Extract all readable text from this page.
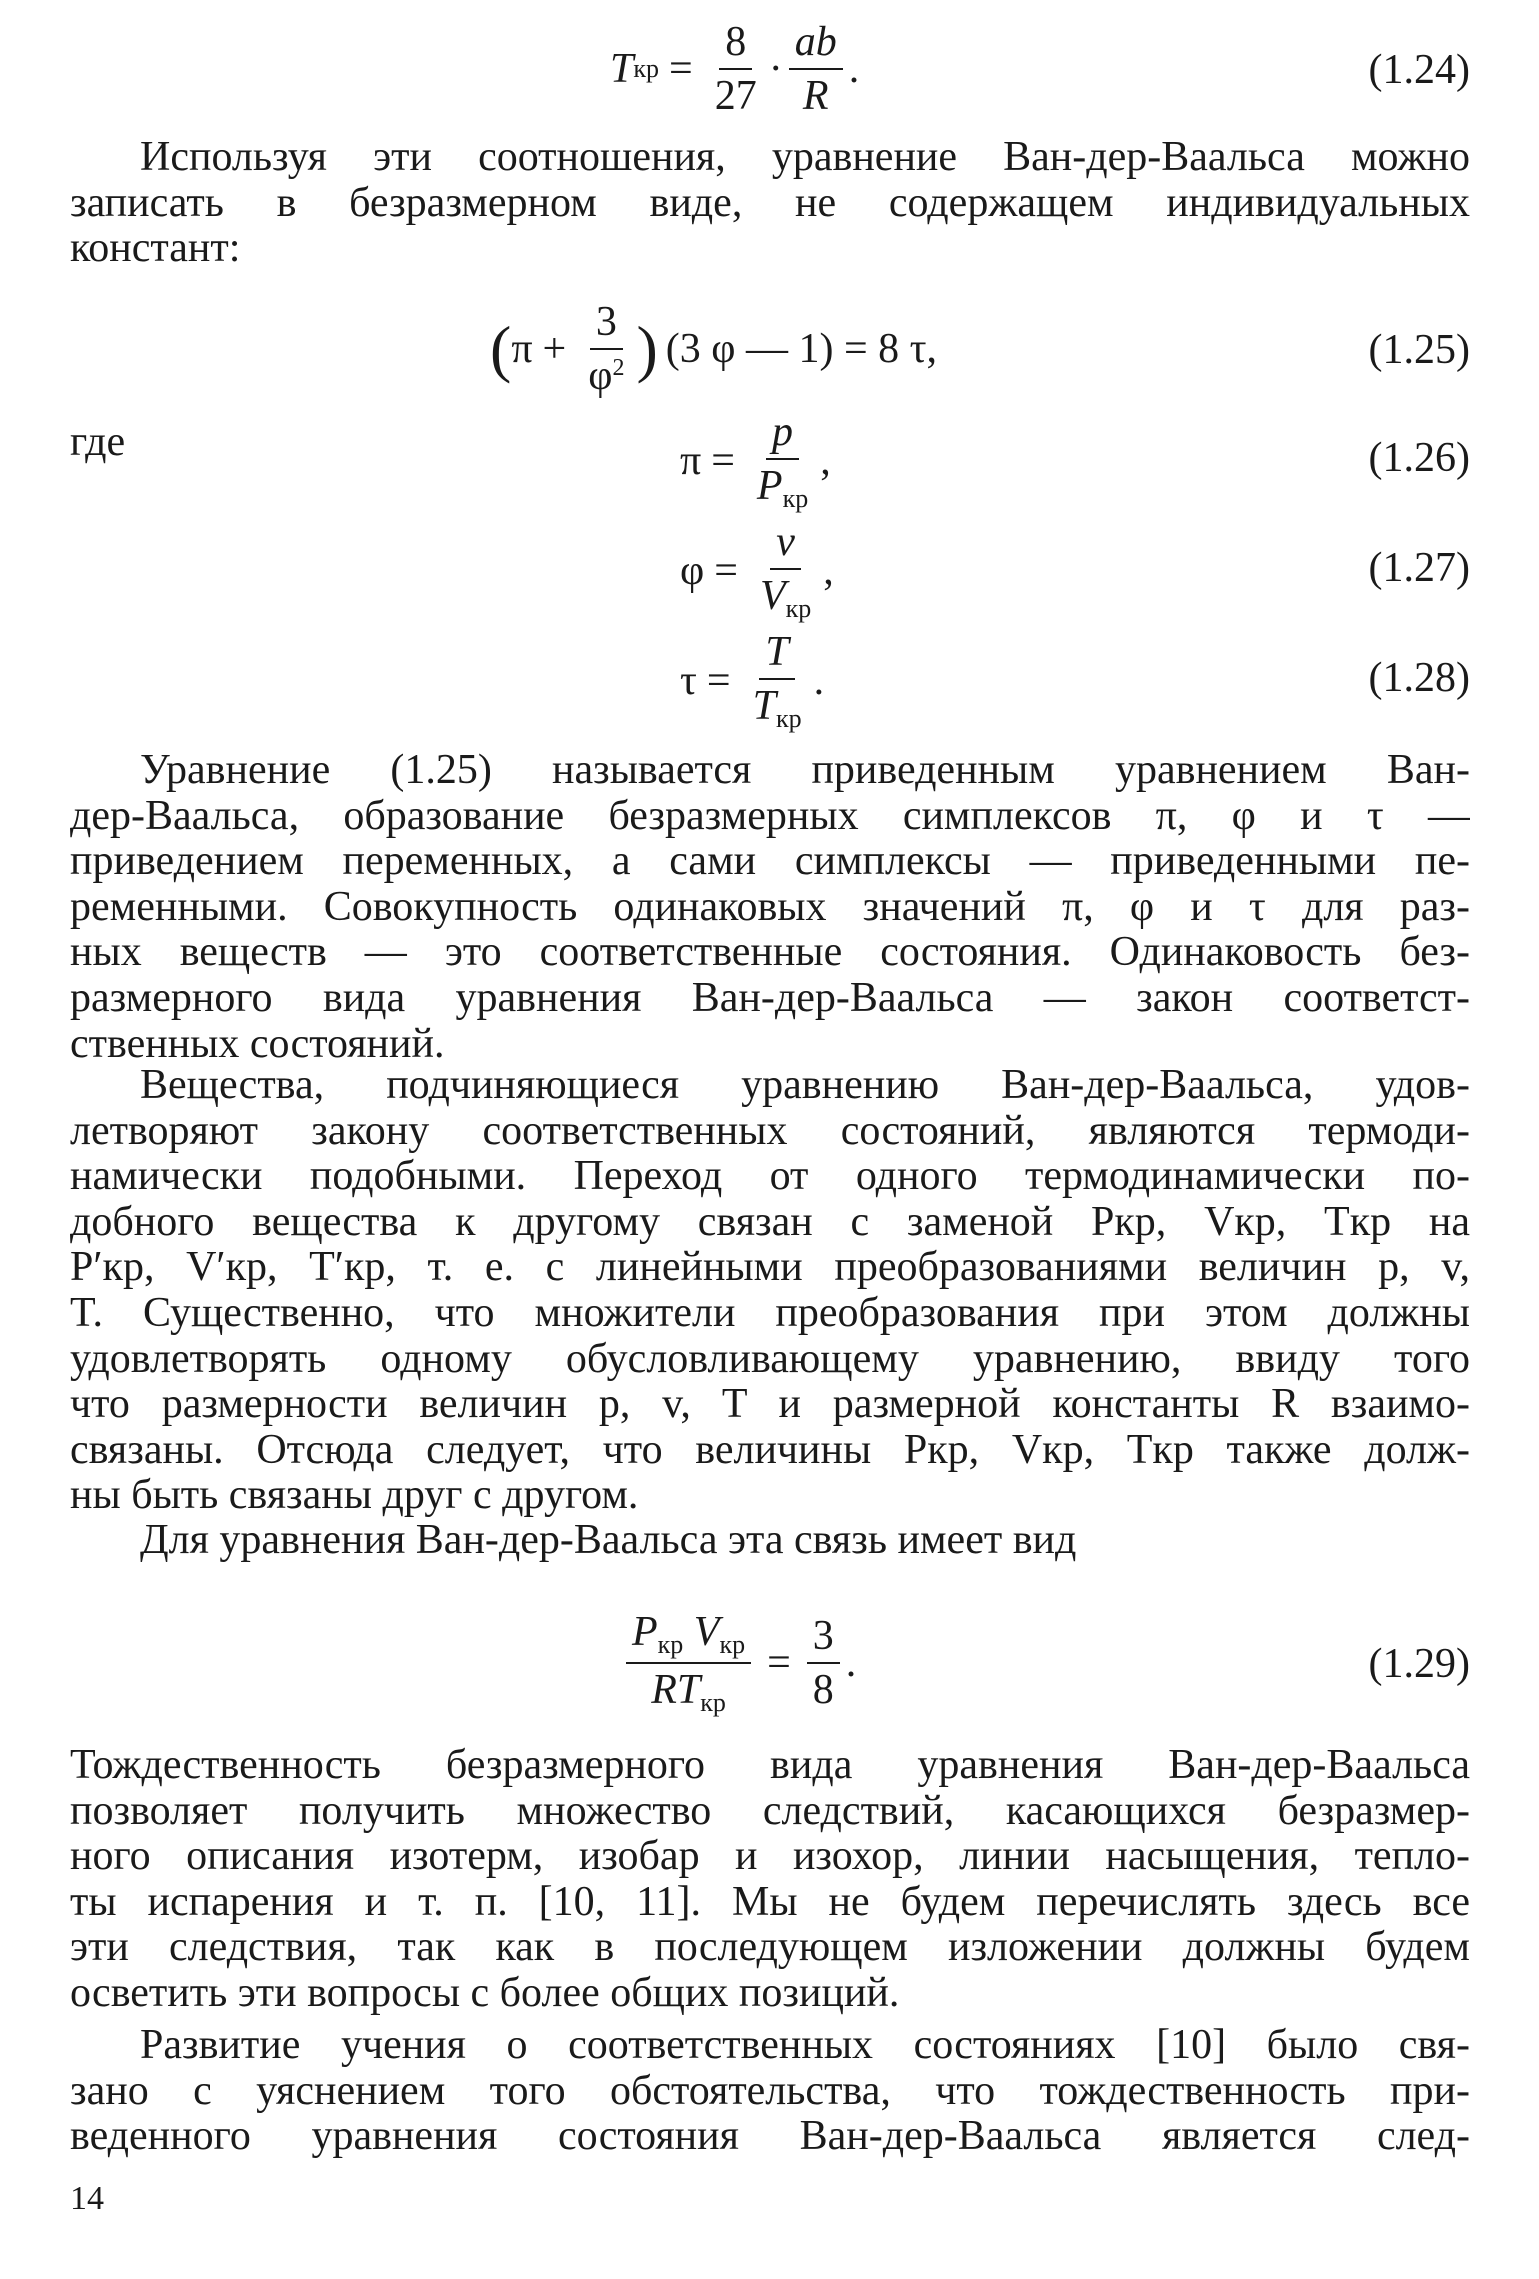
T кр = $\frac{8}{27} \cdot \frac{ab}{R}$ .	(1.24)
Используя эти соотношения, уравнение Ван-дер-Ваальса можно
записать в безразмерном виде, не содержащем индивидуальных
констант:
( $\pi + \frac{3}{\varphi^2}$ ) (3 φ — 1) = 8 τ,	(1.25)
где	$\pi = \frac{p}{P_{кр}}$ ,	(1.26)
$\varphi = \frac{v}{V_{кр}}$ ,	(1.27)
$\tau = \frac{T}{T_{кр}}$ .	(1.28)
Уравнение (1.25) называется приведенным уравнением Ван-
дер-Ваальса, образование безразмерных симплексов π, φ и τ —
приведением переменных, а сами симплексы — приведенными пе-
ременными. Совокупность одинаковых значений π, φ и τ для раз-
ных веществ — это соответственные состояния. Одинаковость без-
размерного вида уравнения Ван-дер-Ваальса — закон соответст-
ственных состояний.
Вещества, подчиняющиеся уравнению Ван-дер-Ваальса, удов-
летворяют закону соответственных состояний, являются термоди-
намически подобными. Переход от одного термодинамически по-
добного вещества к другому связан с заменой Pкр, Vкр, Tкр на
P′кр, V′кр, T′кр, т. е. с линейными преобразованиями величин p, v,
T. Существенно, что множители преобразования при этом должны
удовлетворять одному обусловливающему уравнению, ввиду того
что размерности величин p, v, T и размерной константы R взаимо-
связаны. Отсюда следует, что величины Pкр, Vкр, Tкр также долж-
ны быть связаны друг с другом.
Для уравнения Ван-дер-Ваальса эта связь имеет вид
$\frac{P_{кр} V_{кр}}{RT_{кр}} = \frac{3}{8}$ .	(1.29)
Тождественность безразмерного вида уравнения Ван-дер-Ваальса
позволяет получить множество следствий, касающихся безразмер-
ного описания изотерм, изобар и изохор, линии насыщения, тепло-
ты испарения и т. п. [10, 11]. Мы не будем перечислять здесь все
эти следствия, так как в последующем изложении должны будем
осветить эти вопросы с более общих позиций.
Развитие учения о соответственных состояниях [10] было свя-
зано с уяснением того обстоятельства, что тождественность при-
веденного уравнения состояния Ван-дер-Ваальса является след-
14
